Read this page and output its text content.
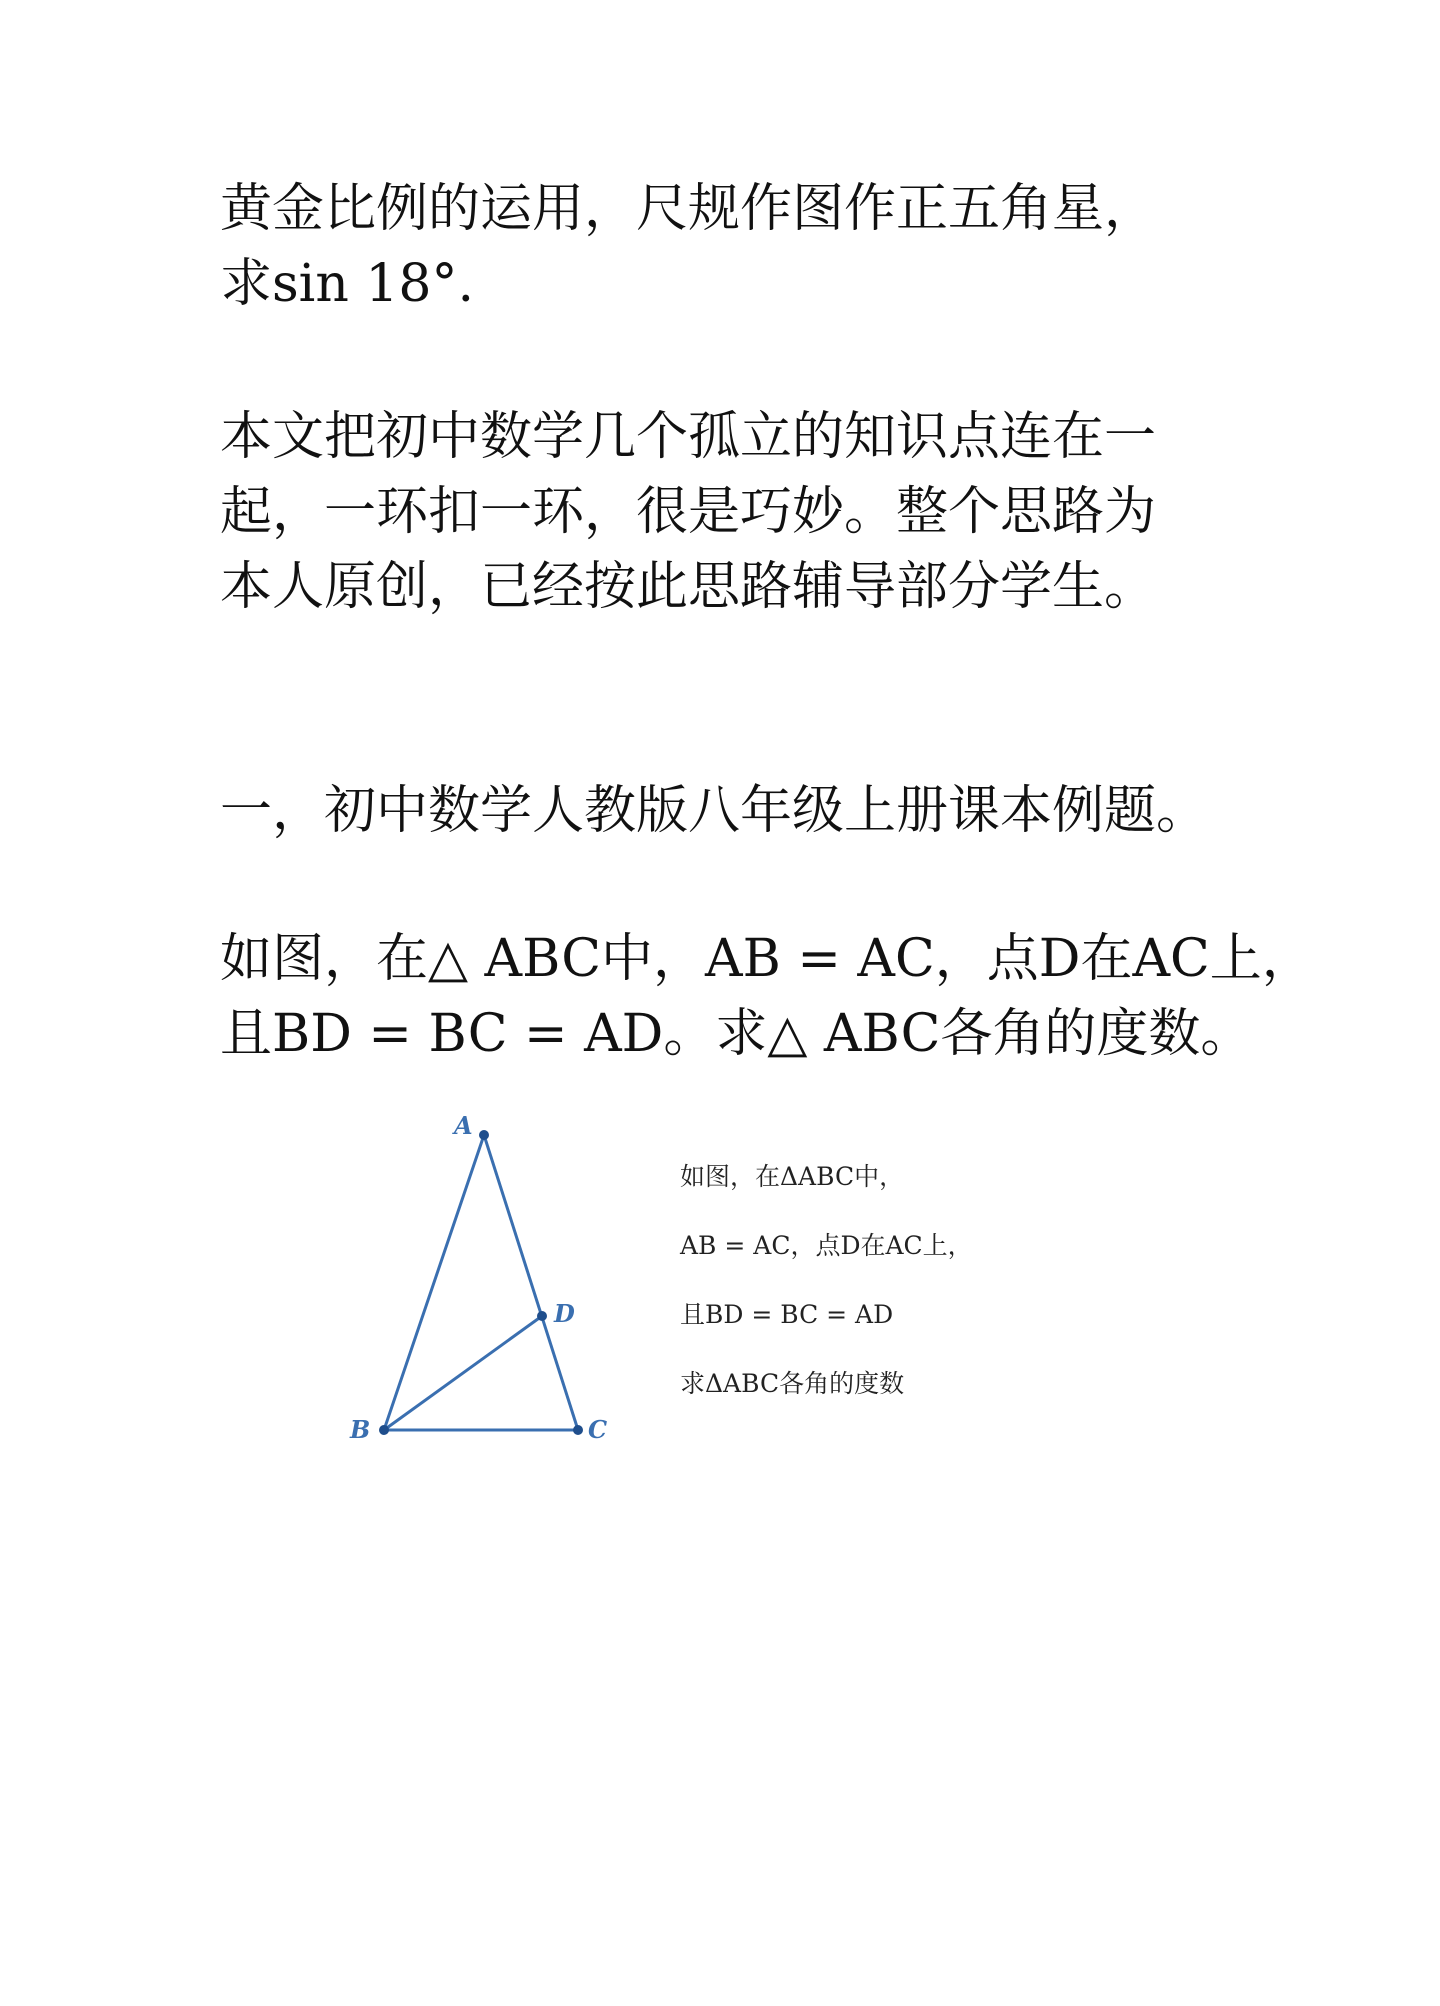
黄金比例的运用，尺规作图作正五角星，
求sin 18°.
本文把初中数学几个孤立的知识点连在一
起，一环扣一环，很是巧妙。整个思路为
本人原创，已经按此思路辅导部分学生。
一，初中数学人教版八年级上册课本例题。
如图，在△ ABC中，AB = AC，点D在AC上，
且BD = BC = AD。求△ ABC各角的度数。
A
B	C
D
如图，在ΔABC中，
AB = AC，点D在AC上，
且BD = BC = AD
求ΔABC各角的度数
